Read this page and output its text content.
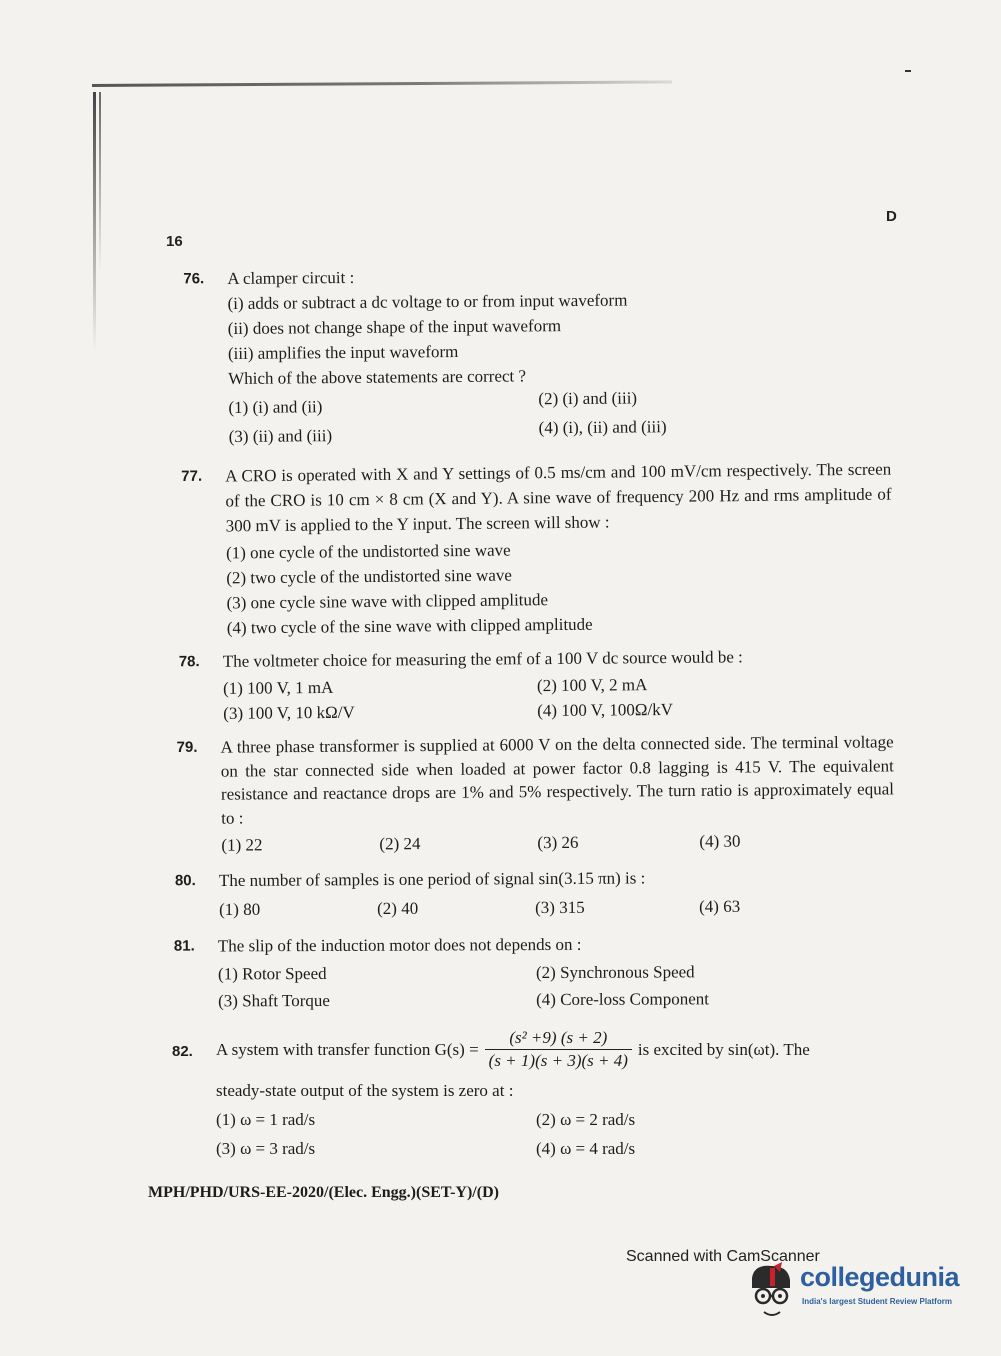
16
D
76. A clamper circuit :
(i) adds or subtract a dc voltage to or from input waveform
(ii) does not change shape of the input waveform
(iii) amplifies the input waveform
Which of the above statements are correct ?
(1) (i) and (ii)	(2) (i) and (iii)
(3) (ii) and (iii)	(4) (i), (ii) and (iii)
77. A CRO is operated with X and Y settings of 0.5 ms/cm and 100 mV/cm respectively. The screen of the CRO is 10 cm × 8 cm (X and Y). A sine wave of frequency 200 Hz and rms amplitude of 300 mV is applied to the Y input. The screen will show :
(1) one cycle of the undistorted sine wave
(2) two cycle of the undistorted sine wave
(3) one cycle sine wave with clipped amplitude
(4) two cycle of the sine wave with clipped amplitude
78. The voltmeter choice for measuring the emf of a 100 V dc source would be :
(1) 100 V, 1 mA	(2) 100 V, 2 mA
(3) 100 V, 10 kΩ/V	(4) 100 V, 100Ω/kV
79. A three phase transformer is supplied at 6000 V on the delta connected side. The terminal voltage on the star connected side when loaded at power factor 0.8 lagging is 415 V. The equivalent resistance and reactance drops are 1% and 5% respectively. The turn ratio is approximately equal to :
(1) 22	(2) 24	(3) 26	(4) 30
80. The number of samples is one period of signal sin(3.15 πn) is :
(1) 80	(2) 40	(3) 315	(4) 63
81. The slip of the induction motor does not depends on :
(1) Rotor Speed	(2) Synchronous Speed
(3) Shaft Torque	(4) Core-loss Component
82. A system with transfer function $G(s) = \frac{\text{(s² +9) (s + 2)}}{(s + 1)(s + 3)(s + 4)}$ is excited by sin(ωt). The
steady-state output of the system is zero at :
(1) ω = 1 rad/s	(2) ω = 2 rad/s
(3) ω = 3 rad/s	(4) ω = 4 rad/s
MPH/PHD/URS-EE-2020/(Elec. Engg.)(SET-Y)/(D)
Scanned with CamScanner
collegedunia
India's largest Student Review Platform
